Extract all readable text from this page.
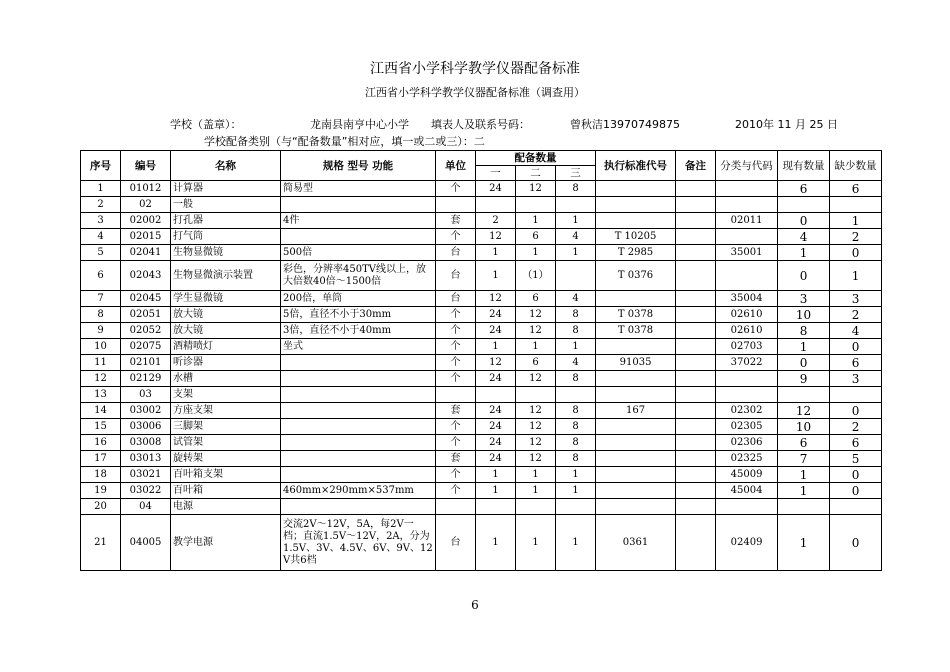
江西省小学科学教学仪器配备标准
江西省小学科学教学仪器配备标准（调查用）
学校（盖章）：	龙南县南亨中心小学 填表人及联系号码：	曾秋洁13970749875	2010年 11 月 25 日
学校配备类别（与“配备数量”相对应，填一或二或三）：二
序号	编号	名称	规格 型号 功能	单位	配备数量			执行标准代号	备注	分类与代码	现有数量	缺少数量
					一	二	三					
1	01012	计算器	简易型	个	24	12	8				6	6
2	02	一般										
3	02002	打孔器	4件	套	2	1	1			02011	0	1
4	02015	打气筒		个	12	6	4	T 10205			4	2
5	02041	生物显微镜	500倍	台	1	1	1	T 2985		35001	1	0
6	02043	生物显微演示装置	彩色，分辨率450TV线以上，放大倍数40倍～1500倍	台	1	（1）		T 0376			0	1
7	02045	学生显微镜	200倍，单筒	台	12	6	4			35004	3	3
8	02051	放大镜	5倍，直径不小于30mm	个	24	12	8	T 0378		02610	10	2
9	02052	放大镜	3倍，直径不小于40mm	个	24	12	8	T 0378		02610	8	4
10	02075	酒精喷灯	坐式	个	1	1	1			02703	1	0
11	02101	听诊器		个	12	6	4	91035		37022	0	6
12	02129	水槽		个	24	12	8				9	3
13	03	支架										
14	03002	方座支架		套	24	12	8	167		02302	12	0
15	03006	三脚架		个	24	12	8			02305	10	2
16	03008	试管架		个	24	12	8			02306	6	6
17	03013	旋转架		套	24	12	8			02325	7	5
18	03021	百叶箱支架		个	1	1	1			45009	1	0
19	03022	百叶箱	460mm×290mm×537mm	个	1	1	1			45004	1	0
20	04	电源										
21	04005	教学电源	交流2V～12V，5A，每2V一档；直流1.5V～12V，2A，分为1.5V、3V、4.5V、6V、9V、12V共6档	台	1	1	1	0361		02409	1	0
6
